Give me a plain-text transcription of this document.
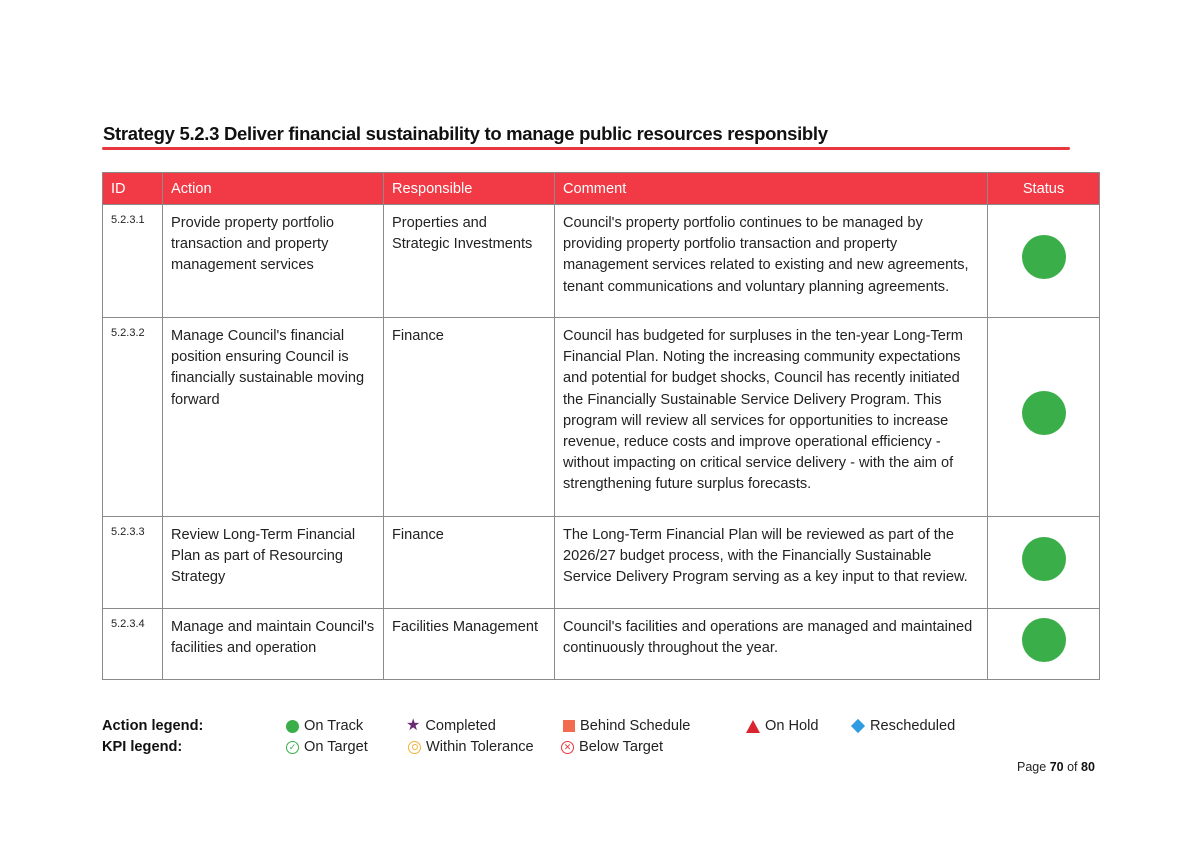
Strategy 5.2.3 Deliver financial sustainability to manage public resources responsibly
ID	Action	Responsible	Comment	Status
5.2.3.1	Provide property portfolio transaction and property management services	Properties and Strategic Investments	Council's property portfolio continues to be managed by providing property portfolio transaction and property management services related to existing and new agreements, tenant communications and voluntary planning agreements.	
5.2.3.2	Manage Council's financial position ensuring Council is financially sustainable moving forward	Finance	Council has budgeted for surpluses in the ten-year Long-Term Financial Plan. Noting the increasing community expectations and potential for budget shocks, Council has recently initiated the Financially Sustainable Service Delivery Program. This program will review all services for opportunities to increase revenue, reduce costs and improve operational efficiency - without impacting on critical service delivery - with the aim of strengthening future surplus forecasts.	
5.2.3.3	Review Long-Term Financial Plan as part of Resourcing Strategy	Finance	The Long-Term Financial Plan will be reviewed as part of the 2026/27 budget process, with the Financially Sustainable Service Delivery Program serving as a key input to that review.	
5.2.3.4	Manage and maintain Council's facilities and operation	Facilities Management	Council's facilities and operations are managed and maintained continuously throughout the year.	
Action legend:
KPI legend:
On Track	★ Completed	Behind Schedule	On Hold	Rescheduled
✓ On Target	Within Tolerance	✕ Below Target
Page 70 of 80
